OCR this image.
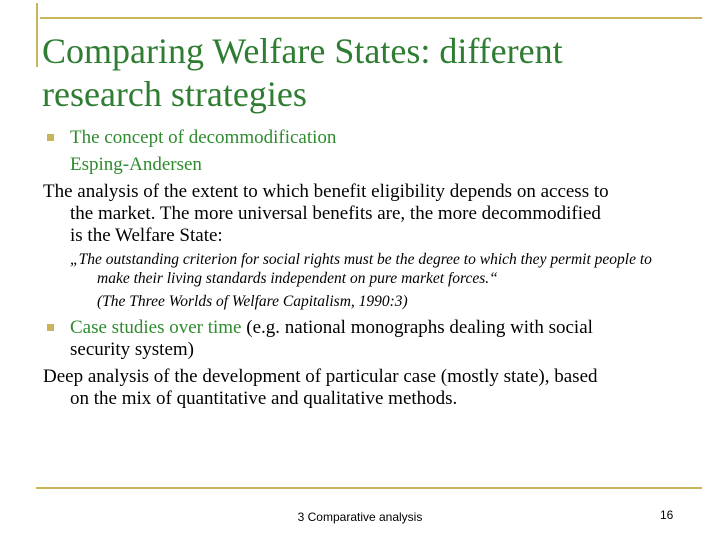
Comparing Welfare States: different
research strategies
The concept of decommodification
Esping-Andersen
The analysis of the extent to which benefit eligibility depends on access to
the market. The more universal benefits are, the more decommodified
is the Welfare State:
„The outstanding criterion for social rights must be the degree to which they permit people to
make their living standards independent on pure market forces.“
(The Three Worlds of Welfare Capitalism, 1990:3)
Case studies over time (e.g. national monographs dealing with social
security system)
Deep analysis of the development of particular case (mostly state), based
on the mix of quantitative and qualitative methods.
3 Comparative analysis	16
